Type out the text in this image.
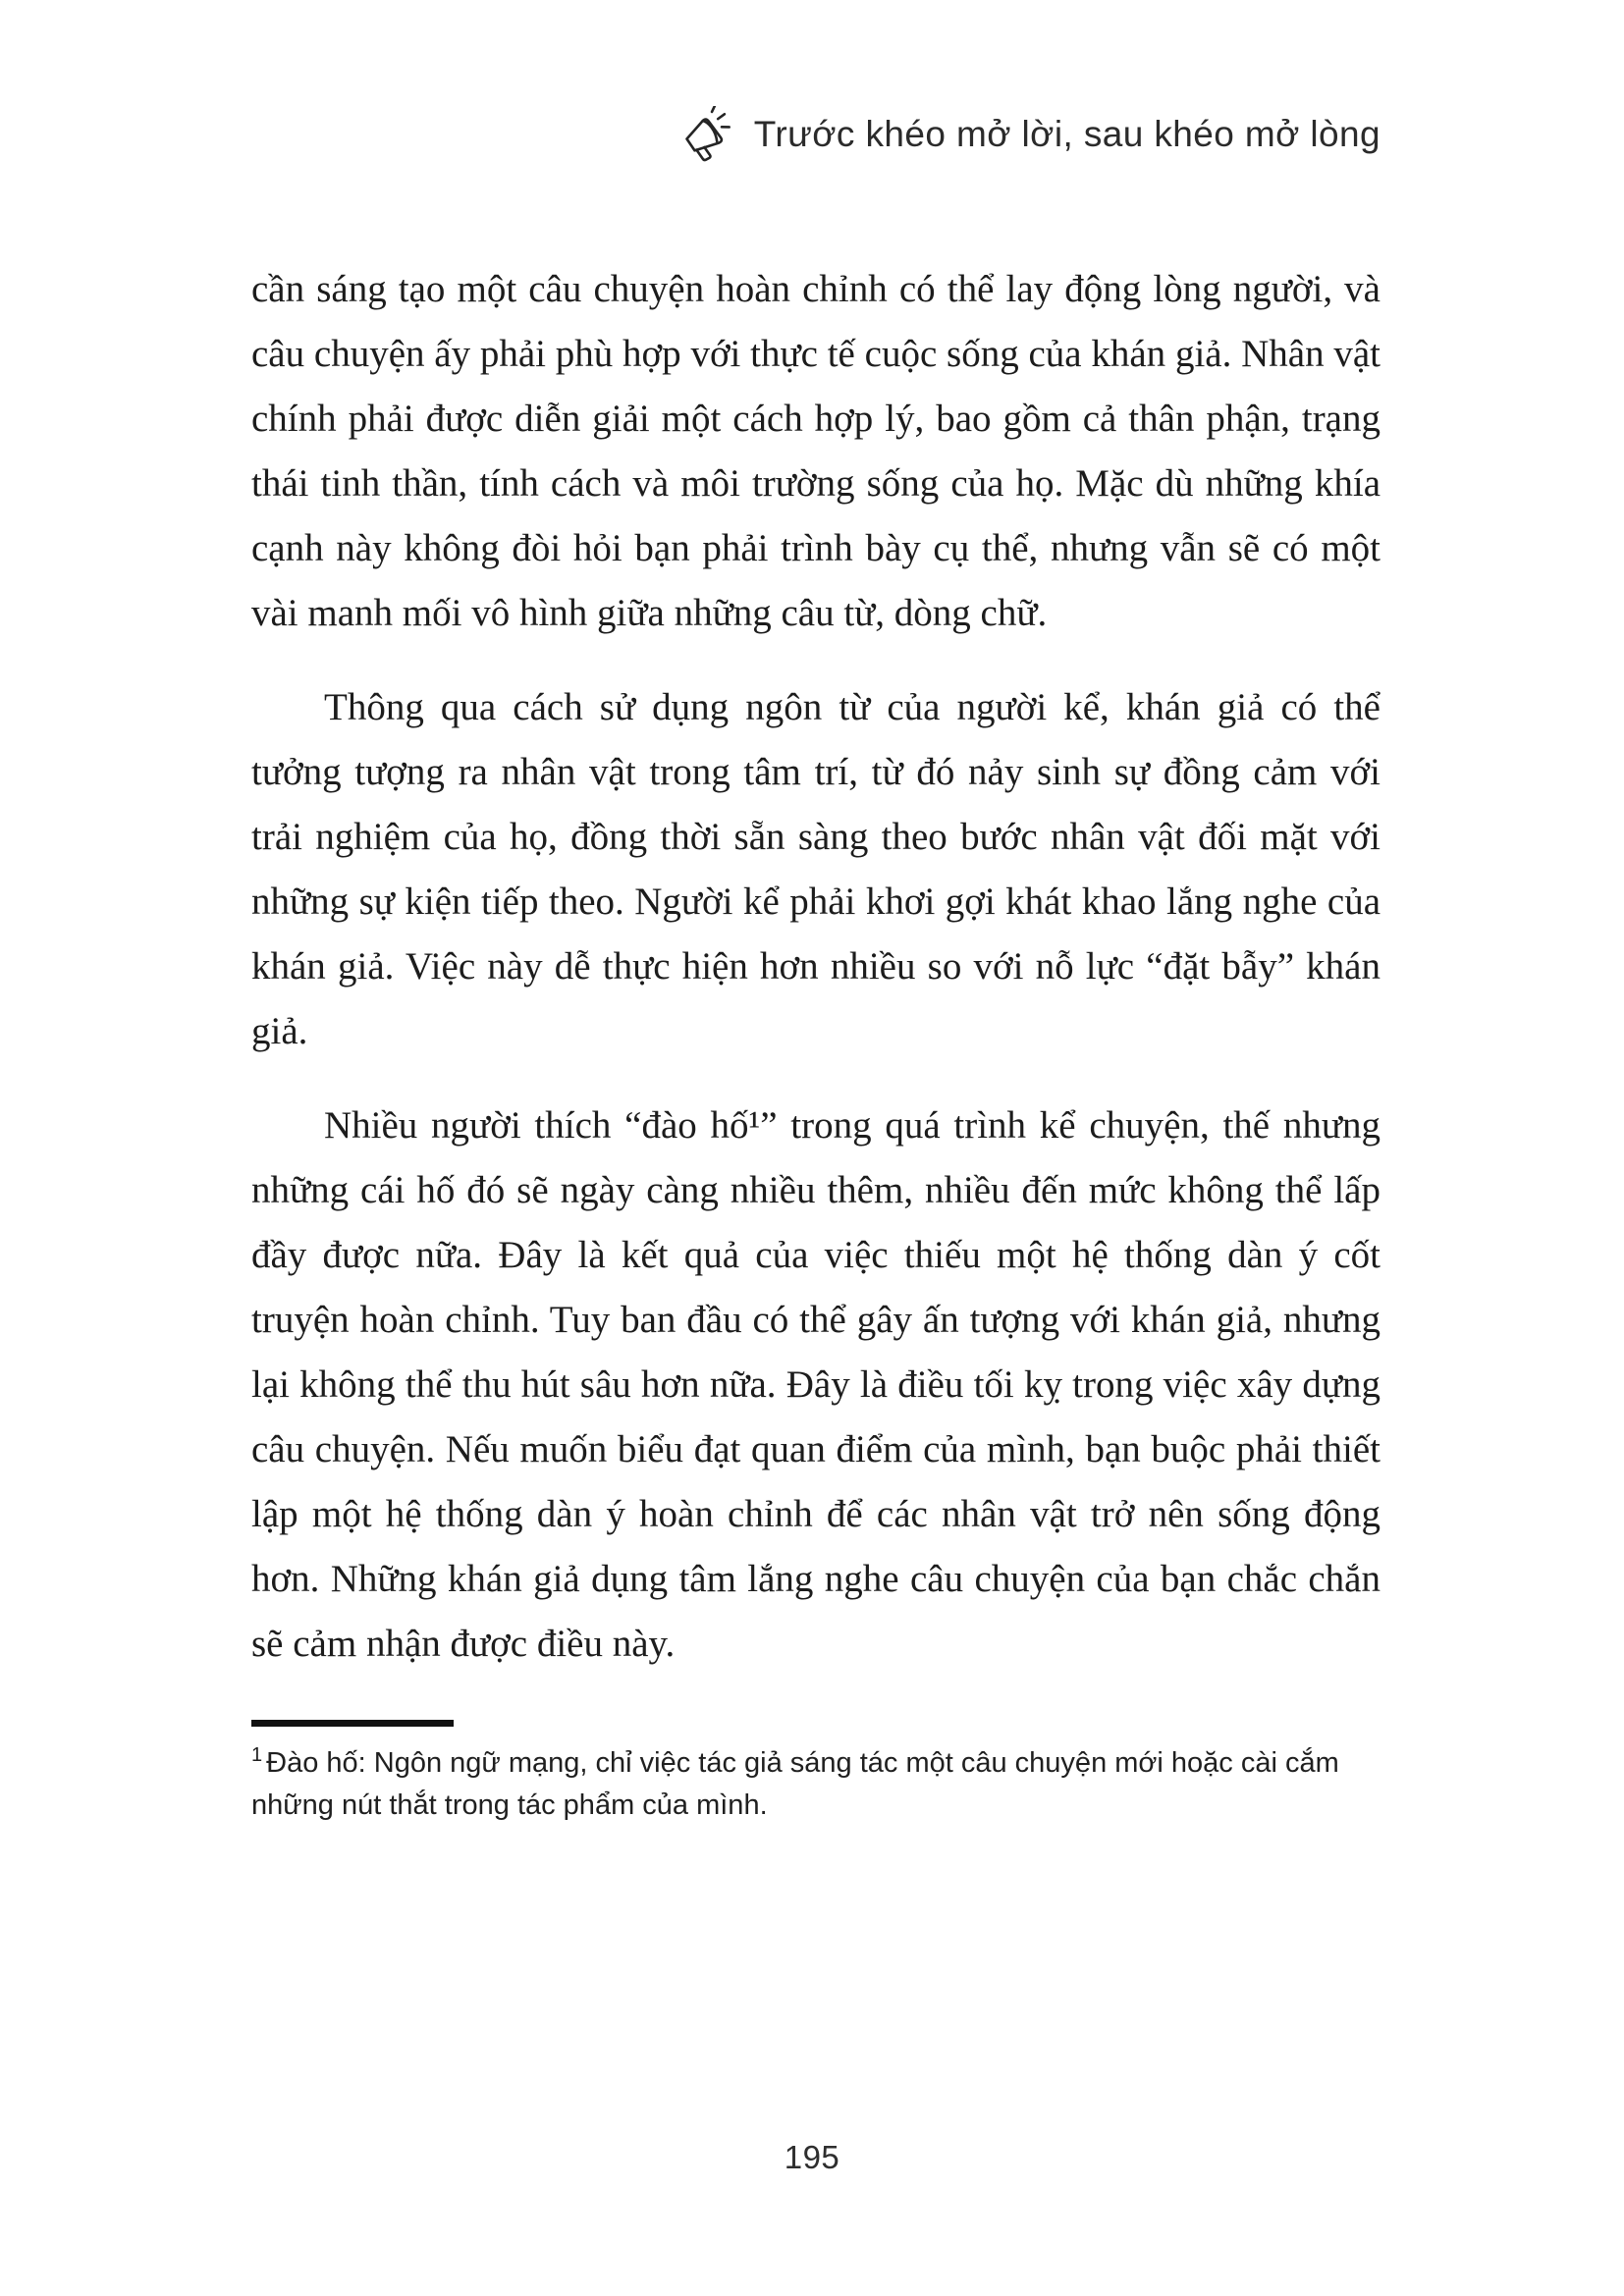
Trước khéo mở lời, sau khéo mở lòng

cần sáng tạo một câu chuyện hoàn chỉnh có thể lay động lòng người, và câu chuyện ấy phải phù hợp với thực tế cuộc sống của khán giả. Nhân vật chính phải được diễn giải một cách hợp lý, bao gồm cả thân phận, trạng thái tinh thần, tính cách và môi trường sống của họ. Mặc dù những khía cạnh này không đòi hỏi bạn phải trình bày cụ thể, nhưng vẫn sẽ có một vài manh mối vô hình giữa những câu từ, dòng chữ.

Thông qua cách sử dụng ngôn từ của người kể, khán giả có thể tưởng tượng ra nhân vật trong tâm trí, từ đó nảy sinh sự đồng cảm với trải nghiệm của họ, đồng thời sẵn sàng theo bước nhân vật đối mặt với những sự kiện tiếp theo. Người kể phải khơi gợi khát khao lắng nghe của khán giả. Việc này dễ thực hiện hơn nhiều so với nỗ lực “đặt bẫy” khán giả.

Nhiều người thích “đào hố¹” trong quá trình kể chuyện, thế nhưng những cái hố đó sẽ ngày càng nhiều thêm, nhiều đến mức không thể lấp đầy được nữa. Đây là kết quả của việc thiếu một hệ thống dàn ý cốt truyện hoàn chỉnh. Tuy ban đầu có thể gây ấn tượng với khán giả, nhưng lại không thể thu hút sâu hơn nữa. Đây là điều tối kỵ trong việc xây dựng câu chuyện. Nếu muốn biểu đạt quan điểm của mình, bạn buộc phải thiết lập một hệ thống dàn ý hoàn chỉnh để các nhân vật trở nên sống động hơn. Những khán giả dụng tâm lắng nghe câu chuyện của bạn chắc chắn sẽ cảm nhận được điều này.

$^1$ Đào hố: Ngôn ngữ mạng, chỉ việc tác giả sáng tác một câu chuyện mới hoặc cài cắm những nút thắt trong tác phẩm của mình.
195
